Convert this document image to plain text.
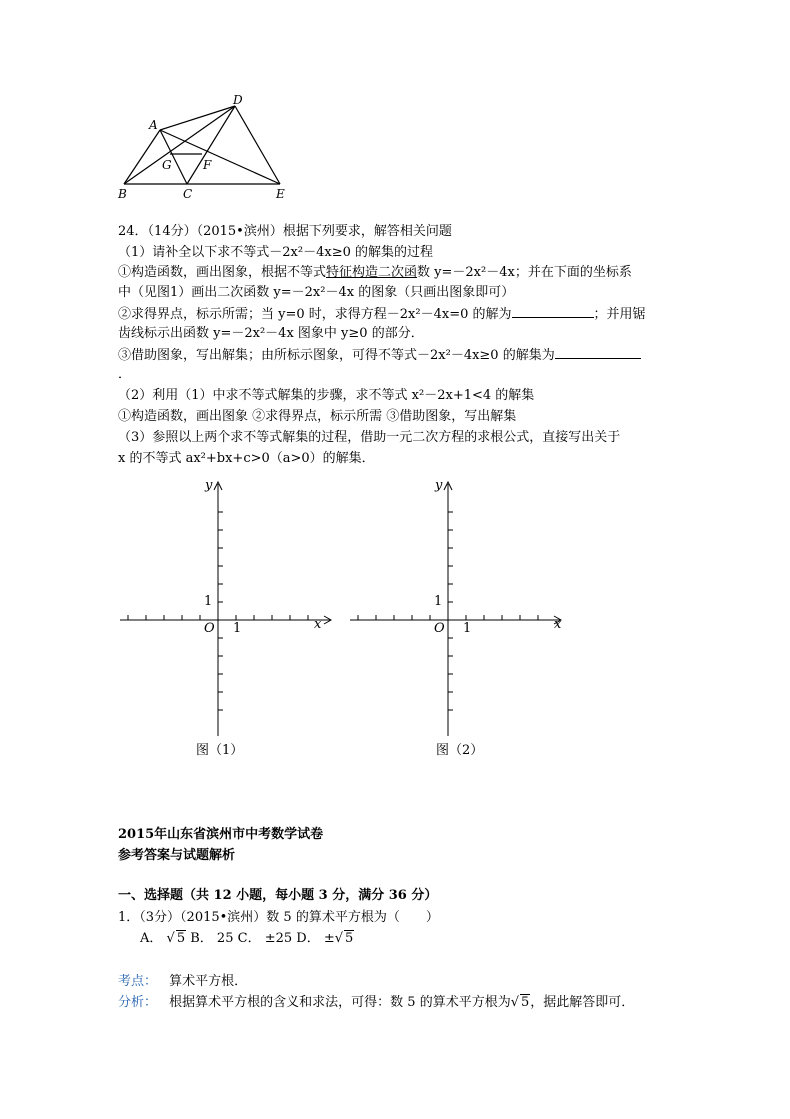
A
D
G	F
B	C	E
24．（14分）（2015•滨州）根据下列要求，解答相关问题
（1）请补全以下求不等式－2x²－4x≥0 的解集的过程
①构造函数，画出图象，根据不等式特征构造二次函数 y=－2x²－4x；并在下面的坐标系
中（见图1）画出二次函数 y=－2x²－4x 的图象（只画出图象即可）
②求得界点，标示所需；当 y=0 时，求得方程－2x²－4x=0 的解为	；并用锯
齿线标示出函数 y=－2x²－4x 图象中 y≥0 的部分．
③借助图象，写出解集；由所标示图象，可得不等式－2x²－4x≥0 的解集为
．
（2）利用（1）中求不等式解集的步骤，求不等式 x²－2x+1<4 的解集
①构造函数，画出图象 ②求得界点，标示所需 ③借助图象，写出解集
（3）参照以上两个求不等式解集的过程，借助一元二次方程的求根公式，直接写出关于
x 的不等式 ax²+bx+c>0（a>0）的解集．
x
y
O 1
1
图（1）
x
y
O 1
1
图（2）
2015年山东省滨州市中考数学试卷
参考答案与试题解析
一、选择题（共 12 小题，每小题 3 分，满分 36 分）
1．（3分）（2015•滨州）数 5 的算术平方根为（　　）
A． √ 5 B． 25 C． ±25 D． ±√ 5
考点： 算术平方根．
分析： 根据算术平方根的含义和求法，可得：数 5 的算术平方根为√ 5，据此解答即可．
